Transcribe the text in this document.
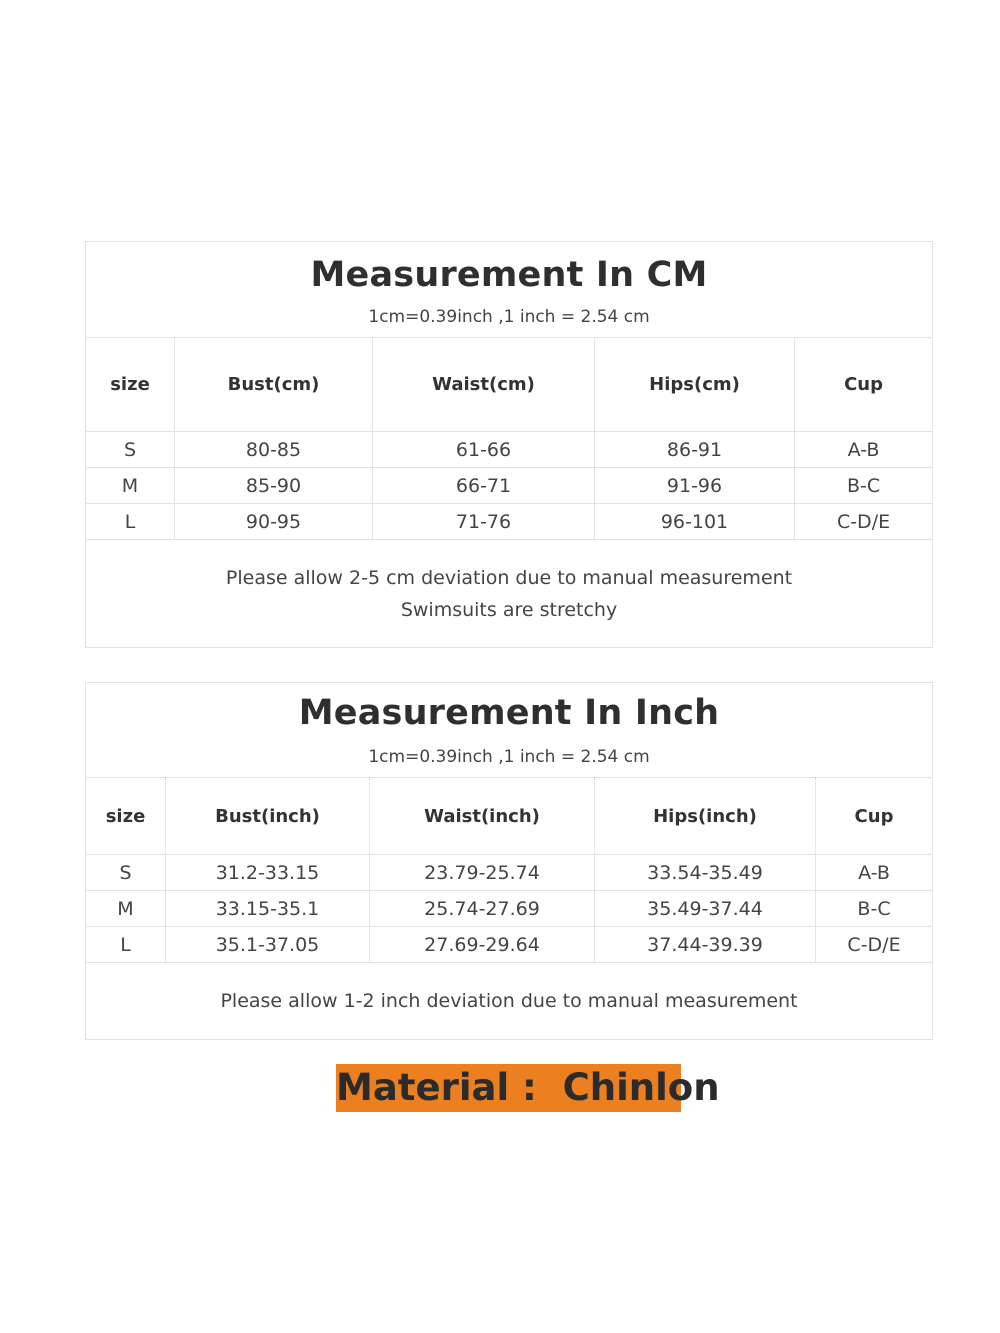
Measurement In CM
1cm=0.39inch ,1 inch = 2.54 cm				

size	Bust(cm)	Waist(cm)	Hips(cm)	Cup
S	80-85	61-66	86-91	A-B
M	85-90	66-71	91-96	B-C
L	90-95	71-76	96-101	C-D/E

Please allow 2-5 cm deviation due to manual measurement
Swimsuits are stretchy				
Measurement In Inch
1cm=0.39inch ,1 inch = 2.54 cm				

size	Bust(inch)	Waist(inch)	Hips(inch)	Cup
S	31.2-33.15	23.79-25.74	33.54-35.49	A-B
M	33.15-35.1	25.74-27.69	35.49-37.44	B-C
L	35.1-37.05	27.69-29.64	37.44-39.39	C-D/E

Please allow 1-2 inch deviation due to manual measurement				
Material :  Chinlon
